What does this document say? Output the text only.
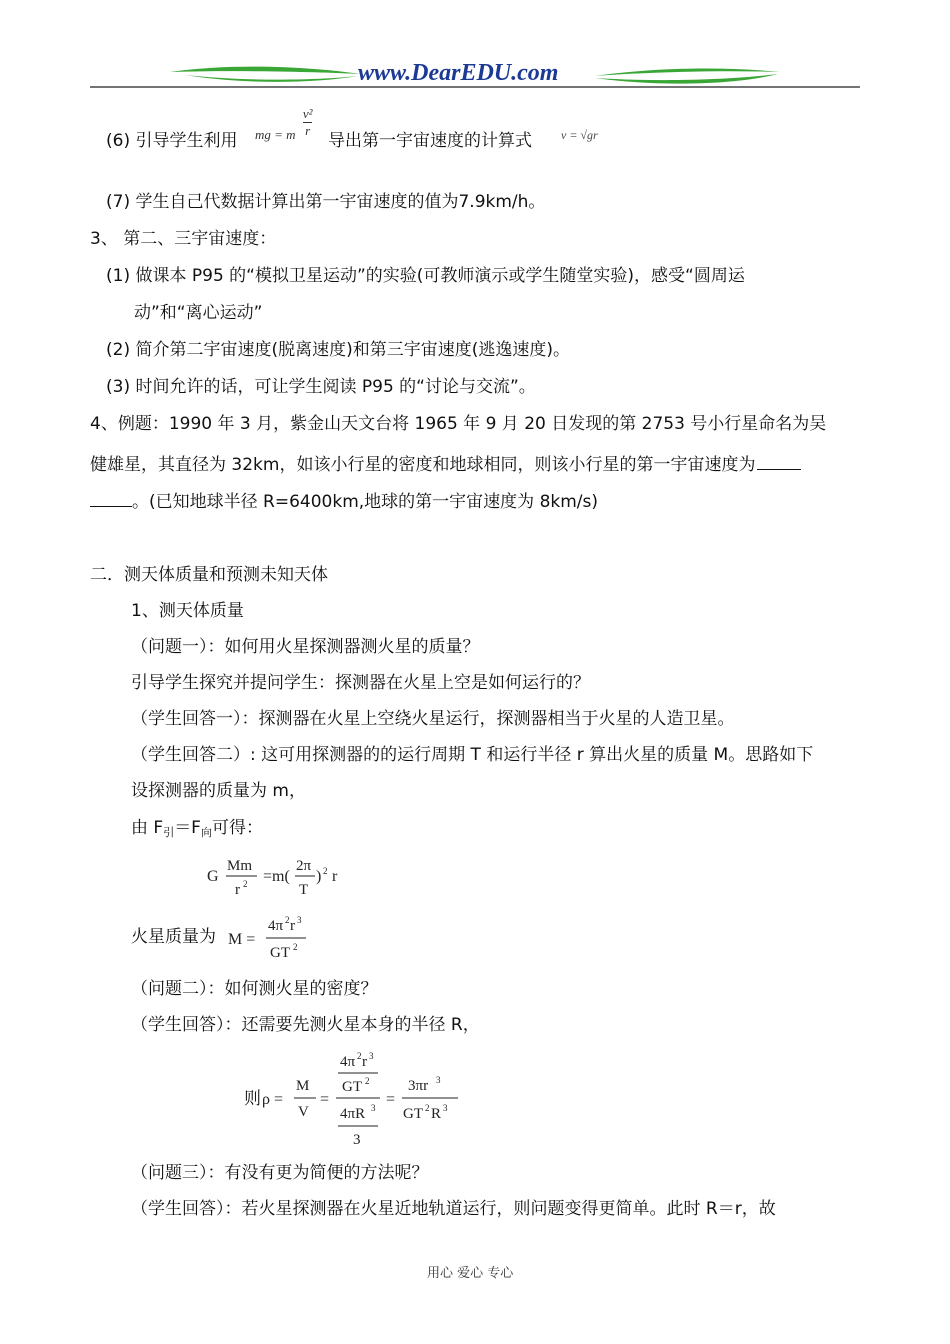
www.DearEDU.com
(6) 引导学生利用 mg = m $\frac{\text{v²}}{r}$
导出第一宇宙速度的计算式 v = √gr
(7) 学生自己代数据计算出第一宇宙速度的值为7.9km/h。
3、 第二、三宇宙速度：
(1) 做课本 P95 的“模拟卫星运动”的实验(可教师演示或学生随堂实验)，感受“圆周运
动”和“离心运动”
(2) 简介第二宇宙速度(脱离速度)和第三宇宙速度(逃逸速度)。
(3) 时间允许的话，可让学生阅读 P95 的“讨论与交流”。
4、例题：1990 年 3 月，紫金山天文台将 1965 年 9 月 20 日发现的第 2753 号小行星命名为吴
健雄星，其直径为 32km，如该小行星的密度和地球相同，则该小行星的第一宇宙速度为
。(已知地球半径 R=6400km,地球的第一宇宙速度为 8km/s)
二．测天体质量和预测未知天体
1、测天体质量
（问题一）：如何用火星探测器测火星的质量？
引导学生探究并提问学生：探测器在火星上空是如何运行的？
（学生回答一）：探测器在火星上空绕火星运行，探测器相当于火星的人造卫星。
（学生回答二）: 这可用探测器的的运行周期 T 和运行半径 r 算出火星的质量 M。思路如下
设探测器的质量为 m，
由 F引＝F向可得：
G
Mm
r 2 =m(
2π
T
) 2 r
火星质量为 M =
4π 2 r 3
GT 2
（问题二）：如何测火星的密度？
（学生回答）：还需要先测火星本身的半径 R，
则 ρ =
M
V
=
4π 2 r 3
GT 2
4πR 3
3
=
3πr 3
GT 2 R 3
（问题三）：有没有更为简便的方法呢？
（学生回答）：若火星探测器在火星近地轨道运行，则问题变得更简单。此时 R＝r，故
用心 爱心 专心
